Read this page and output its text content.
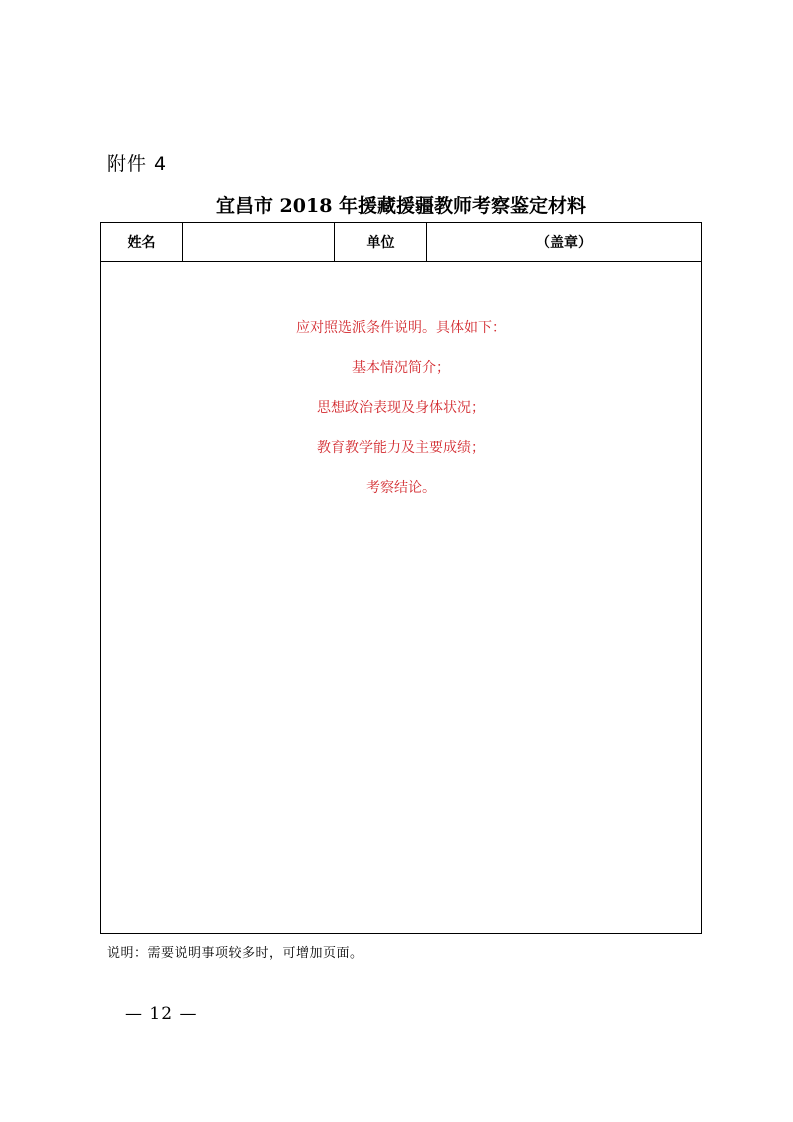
附件 4
宜昌市 2018 年援藏援疆教师考察鉴定材料
姓名	单位	（盖章）
应对照选派条件说明。具体如下：
基本情况简介；
思想政治表现及身体状况；
教育教学能力及主要成绩；
考察结论。
说明：需要说明事项较多时，可增加页面。
— 12 —
